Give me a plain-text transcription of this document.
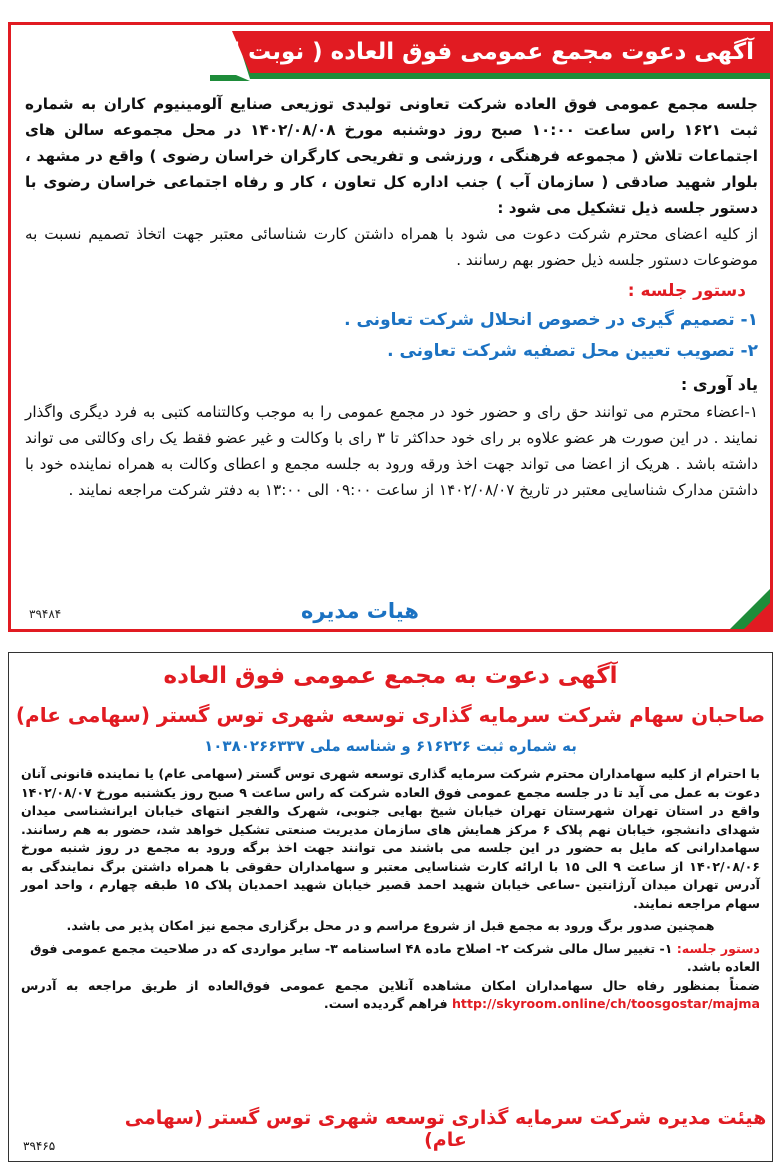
آگهی دعوت مجمع عمومی فوق العاده ( نوبت اول )

جلسه مجمع عمومی فوق العاده شرکت تعاونی تولیدی توزیعی صنایع آلومینیوم کاران به شماره ثبت ۱۶۲۱ راس ساعت ۱۰:۰۰ صبح روز دوشنبه مورخ ۱۴۰۲/۰۸/۰۸ در محل مجموعه سالن های اجتماعات تلاش ( مجموعه فرهنگی ، ورزشی و تفریحی کارگران خراسان رضوی ) واقع در مشهد ، بلوار شهید صادقی ( سازمان آب ) جنب اداره کل تعاون ، کار و رفاه اجتماعی خراسان رضوی با دستور جلسه ذیل تشکیل می شود :

از کلیه اعضای محترم شرکت دعوت می شود با همراه داشتن کارت شناسائی معتبر جهت اتخاذ تصمیم نسبت به موضوعات دستور جلسه ذیل حضور بهم رسانند .

دستور جلسه :

۱- تصمیم گیری در خصوص انحلال شرکت تعاونی .

۲- تصویب تعیین محل تصفیه شرکت تعاونی .

یاد آوری :

۱-اعضاء محترم می توانند حق رای و حضور خود در مجمع عمومی را به موجب وکالتنامه کتبی به فرد دیگری واگذار نمایند . در این صورت هر عضو علاوه بر رای خود حداکثر تا ۳ رای با وکالت و غیر عضو فقط یک رای وکالتی می تواند داشته باشد . هریک از اعضا می تواند جهت اخذ ورقه ورود به جلسه مجمع و اعطای وکالت به همراه نماینده خود با داشتن مدارک شناسایی معتبر در تاریخ ۱۴۰۲/۰۸/۰۷ از ساعت ۰۹:۰۰ الی ۱۳:۰۰ به دفتر شرکت مراجعه نمایند .

هیات مدیره
۳۹۴۸۴
آگهی دعوت به مجمع عمومی فوق العاده
صاحبان سهام شرکت سرمایه گذاری توسعه شهری توس گستر (سهامی عام)
به شماره ثبت ۶۱۶۲۲۶ و شناسه ملی ۱۰۳۸۰۲۶۶۳۳۷

با احترام از کلیه سهامداران محترم شرکت سرمایه گذاری توسعه شهری توس گستر (سهامی عام) یا نماینده قانونی آنان دعوت به عمل می آید تا در جلسه مجمع عمومی فوق العاده شرکت که راس ساعت ۹ صبح روز یکشنبه مورخ ۱۴۰۲/۰۸/۰۷ واقع در استان تهران شهرستان تهران خیابان شیخ بهایی جنوبی، شهرک والفجر انتهای خیابان ایرانشناسی میدان شهدای دانشجو، خیابان نهم پلاک ۶ مرکز همایش های سازمان مدیریت صنعتی تشکیل خواهد شد، حضور به هم رسانند. سهامدارانی که مایل به حضور در این جلسه می باشند می توانند جهت اخذ برگه ورود به مجمع در روز شنبه مورخ ۱۴۰۲/۰۸/۰۶ از ساعت ۹ الی ۱۵ با ارائه کارت شناسایی معتبر و سهامداران حقوقی با همراه داشتن برگ نمایندگی به آدرس تهران میدان آرژانتین -ساعی خیابان شهید احمد قصیر خیابان شهید احمدیان پلاک ۱۵ طبقه چهارم ، واحد امور سهام مراجعه نمایند.

همچنین صدور برگ ورود به مجمع قبل از شروع مراسم و در محل برگزاری مجمع نیز امکان پذیر می باشد.

دستور جلسه: ۱- تغییر سال مالی شرکت ۲- اصلاح ماده ۴۸ اساسنامه ۳- سایر مواردی که در صلاحیت مجمع عمومی فوق العاده باشد.

ضمناً بمنظور رفاه حال سهامداران امکان مشاهده آنلاین مجمع عمومی فوق‌العاده از طریق مراجعه به آدرس http://skyroom.online/ch/toosgostar/majma فراهم گردیده است.

هیئت مدیره شرکت سرمایه گذاری توسعه شهری توس گستر (سهامی عام)
۳۹۴۶۵
